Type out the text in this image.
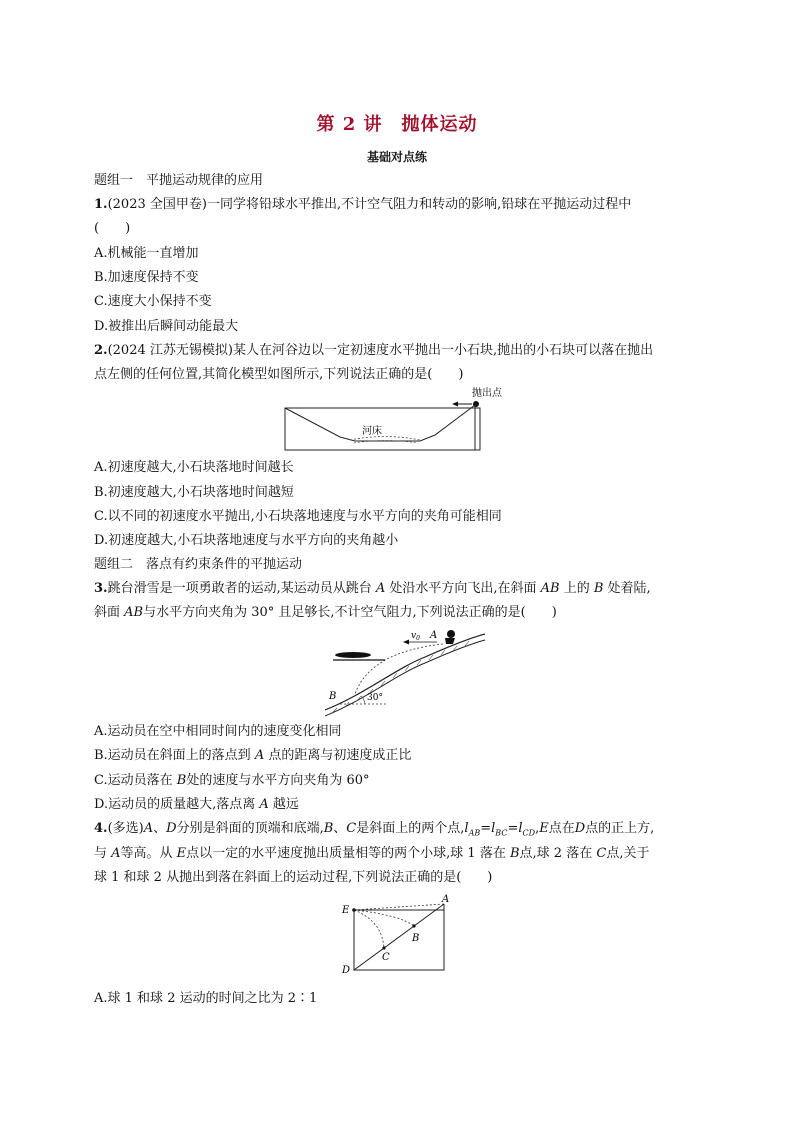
第 2 讲　抛体运动
基础对点练
题组一　平抛运动规律的应用
1.(2023 全国甲卷)一同学将铅球水平推出,不计空气阻力和转动的影响,铅球在平抛运动过程中
(　　)
A.机械能一直增加
B.加速度保持不变
C.速度大小保持不变
D.被推出后瞬间动能最大
2.(2024 江苏无锡模拟)某人在河谷边以一定初速度水平抛出一小石块,抛出的小石块可以落在抛出
点左侧的任何位置,其简化模型如图所示,下列说法正确的是(　　)
河床
抛出点
A.初速度越大,小石块落地时间越长
B.初速度越大,小石块落地时间越短
C.以不同的初速度水平抛出,小石块落地速度与水平方向的夹角可能相同
D.初速度越大,小石块落地速度与水平方向的夹角越小
题组二　落点有约束条件的平抛运动
3.跳台滑雪是一项勇敢者的运动,某运动员从跳台 A 处沿水平方向飞出,在斜面 AB 上的 B 处着陆,
斜面 AB与水平方向夹角为 30° 且足够长,不计空气阻力,下列说法正确的是(　　)
$v_0$ A
B	30°
A.运动员在空中相同时间内的速度变化相同
B.运动员在斜面上的落点到 A 点的距离与初速度成正比
C.运动员落在 B处的速度与水平方向夹角为 60°
D.运动员的质量越大,落点离 A 越远
4.(多选)A、D分别是斜面的顶端和底端,B、C是斜面上的两个点$,l_{AB}=l_{BC}=l_{CD},E$点在D点的正上方,
与 A等高。从 E点以一定的水平速度抛出质量相等的两个小球,球 1 落在 B点,球 2 落在 C点,关于
球 1 和球 2 从抛出到落在斜面上的运动过程,下列说法正确的是(　　)
E
A
B
C
D
A.球 1 和球 2 运动的时间之比为 2∶1
